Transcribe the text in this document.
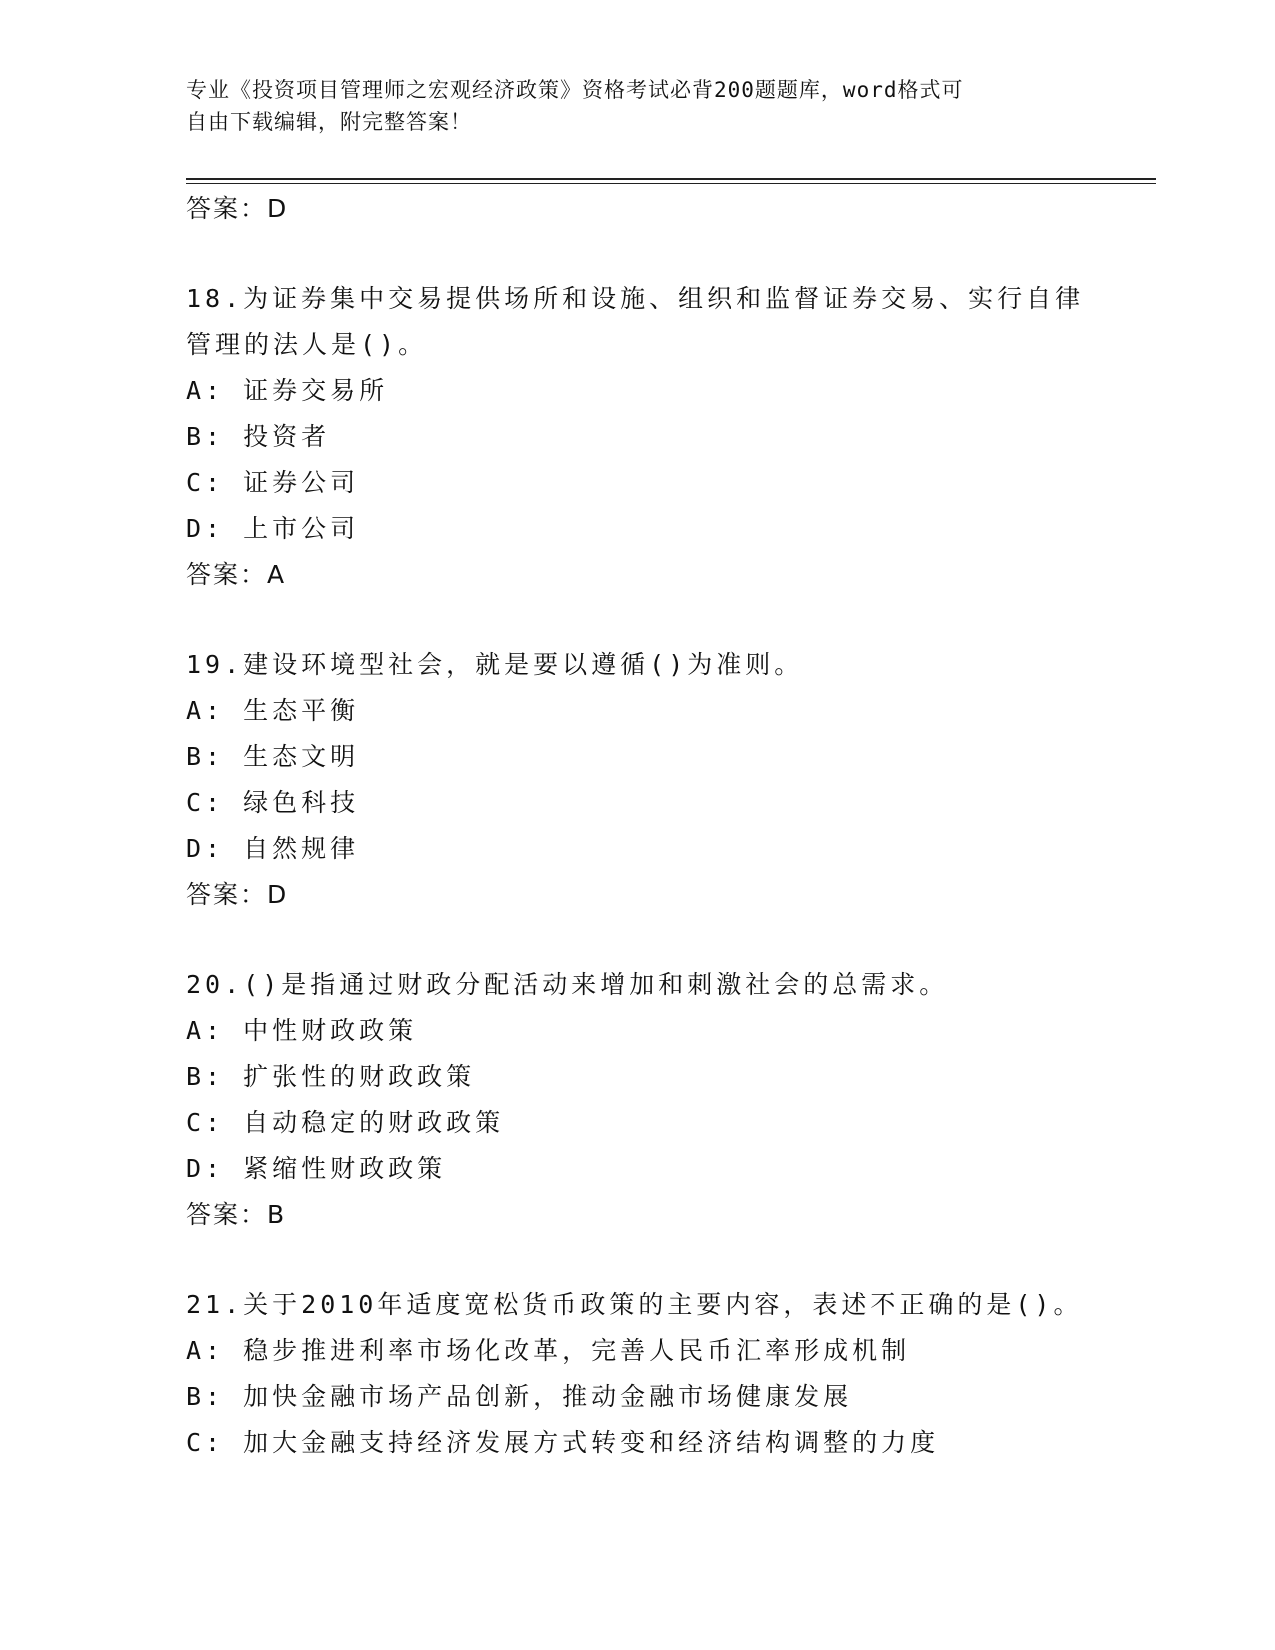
专业《投资项目管理师之宏观经济政策》资格考试必背200题题库，word格式可
自由下载编辑，附完整答案！
答案：D
18.为证券集中交易提供场所和设施、组织和监督证券交易、实行自律
管理的法人是()。
A: 证券交易所
B: 投资者
C: 证券公司
D: 上市公司
答案：A
19.建设环境型社会，就是要以遵循()为准则。
A: 生态平衡
B: 生态文明
C: 绿色科技
D: 自然规律
答案：D
20.()是指通过财政分配活动来增加和刺激社会的总需求。
A: 中性财政政策
B: 扩张性的财政政策
C: 自动稳定的财政政策
D: 紧缩性财政政策
答案：B
21.关于2010年适度宽松货币政策的主要内容，表述不正确的是()。
A: 稳步推进利率市场化改革，完善人民币汇率形成机制
B: 加快金融市场产品创新，推动金融市场健康发展
C: 加大金融支持经济发展方式转变和经济结构调整的力度
